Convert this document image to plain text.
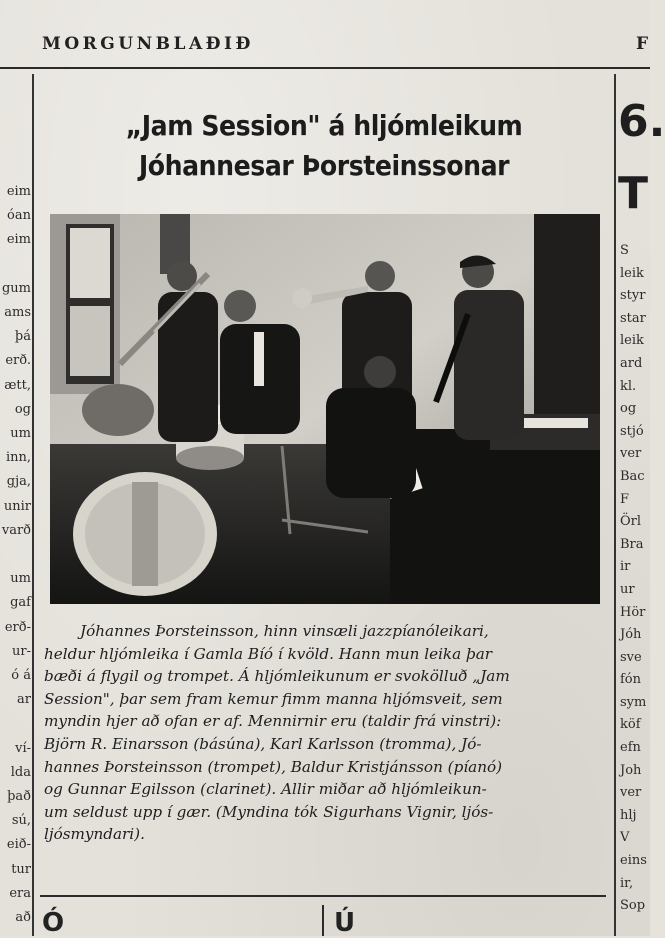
MORGUNBLAÐIÐ	F
eim
óan
eim

gum
ams
þá
erð.
ætt,
og
um
inn,
gja,
unir
varð

um
gaf
erð-
ur-
ó á
ar

ví-
lda
það
sú,
eið-
tur
era
að
6.
T
S
leik
styr
star
leik
ard
kl.
og
stjó
ver
Bac
F
Örl
Bra
ir
ur
Hör
Jóh
sve
fón
sym
köf
efn
Joh
ver
hlj
V
eins
ir,
Sop
„Jam Session" á hljómleikum
Jóhannesar Þorsteinssonar
Jóhannes Þorsteinsson, hinn vinsæli jazzpíanóleikari,
heldur hljómleika í Gamla Bíó í kvöld. Hann mun leika þar
bæði á flygil og trompet. Á hljómleikunum er svokölluð „Jam
Session", þar sem fram kemur fimm manna hljómsveit, sem
myndin hjer að ofan er af. Mennirnir eru (taldir frá vinstri):
Björn R. Einarsson (básúna), Karl Karlsson (tromma), Jó-
hannes Þorsteinsson (trompet), Baldur Kristjánsson (píanó)
og Gunnar Egilsson (clarinet). Allir miðar að hljómleikun-
um seldust upp í gær. (Myndina tók Sigurhans Vignir, ljós-
ljósmyndari).
Ó	Ú
